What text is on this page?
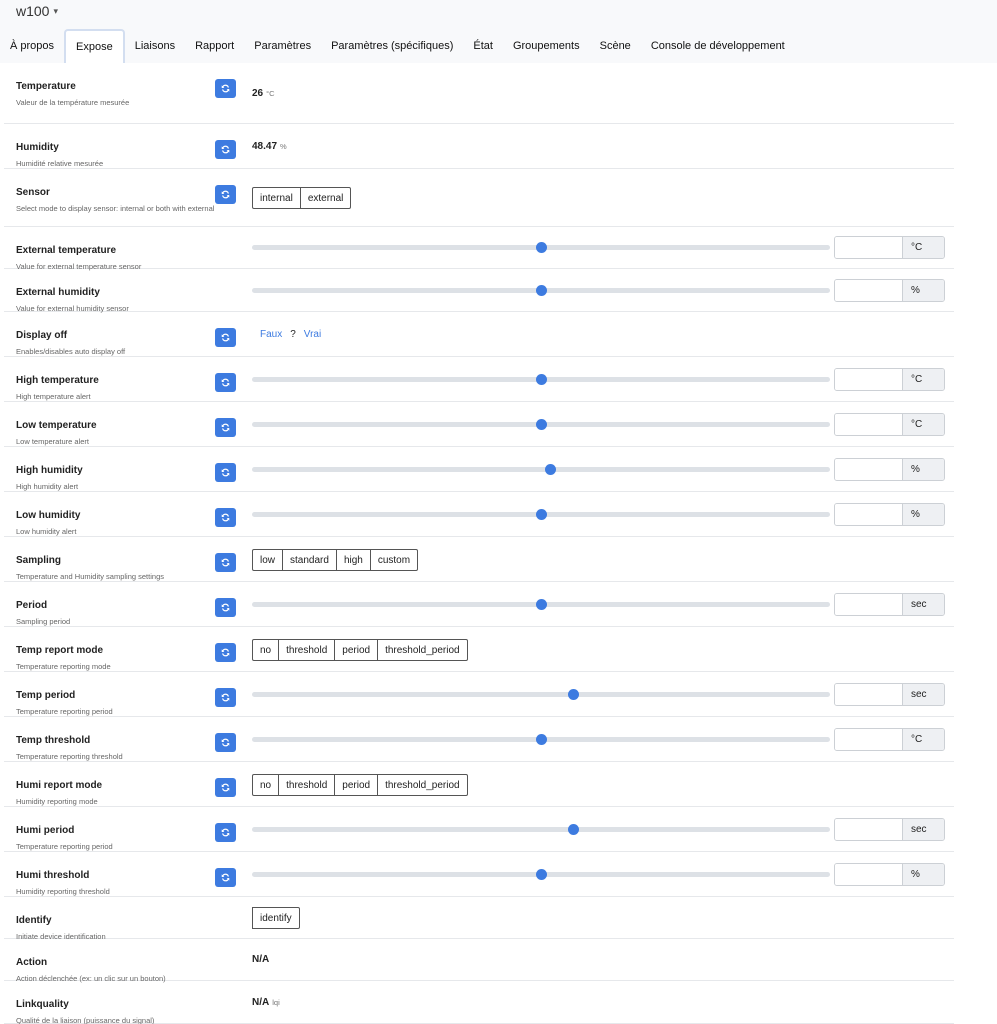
w100 ▾
À propos	Expose	Liaisons	Rapport	Paramètres	Paramètres (spécifiques)	État	Groupements	Scène	Console de développement
Temperature
Valeur de la température mesurée
26 °C
Humidity
Humidité relative mesurée
48.47 %
Sensor
Select mode to display sensor: internal or both with external
internal	external
External temperature
Value for external temperature sensor
°C
External humidity
Value for external humidity sensor
%
Display off
Enables/disables auto display off
Faux ? Vrai
High temperature
High temperature alert
°C
Low temperature
Low temperature alert
°C
High humidity
High humidity alert
%
Low humidity
Low humidity alert
%
Sampling
Temperature and Humidity sampling settings
low	standard	high	custom
Period
Sampling period
sec
Temp report mode
Temperature reporting mode
no	threshold	period	threshold_period
Temp period
Temperature reporting period
sec
Temp threshold
Temperature reporting threshold
°C
Humi report mode
Humidity reporting mode
no	threshold	period	threshold_period
Humi period
Temperature reporting period
sec
Humi threshold
Humidity reporting threshold
%
Identify
Initiate device identification
identify
Action
Action déclenchée (ex: un clic sur un bouton)
N/A
Linkquality
Qualité de la liaison (puissance du signal)
N/A lqi
